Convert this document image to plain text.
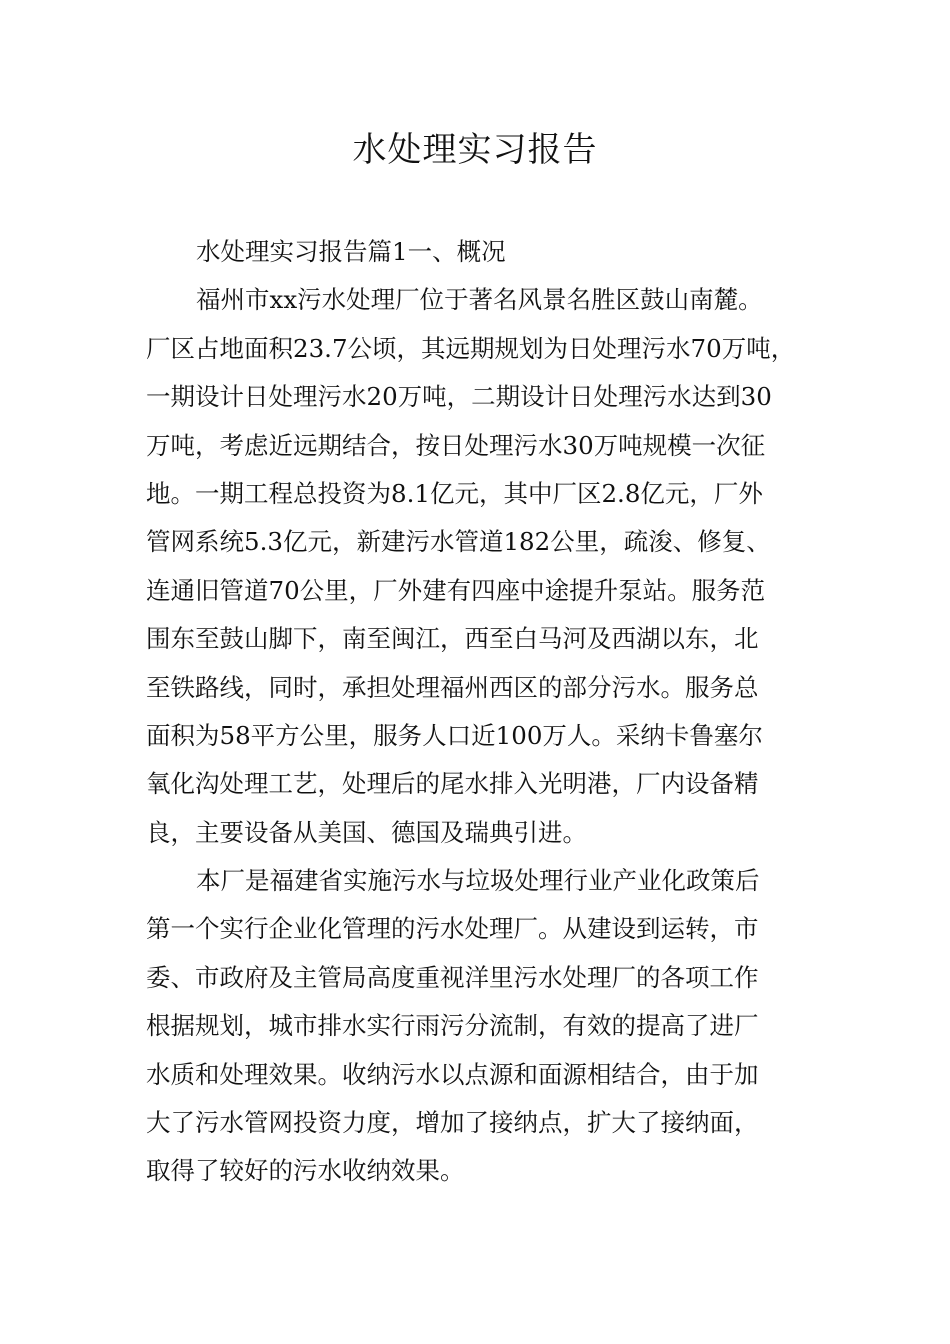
水处理实习报告
水处理实习报告篇1一、概况
福州市xx污水处理厂位于著名风景名胜区鼓山南麓。
厂区占地面积23.7公顷，其远期规划为日处理污水70万吨，
一期设计日处理污水20万吨，二期设计日处理污水达到30
万吨，考虑近远期结合，按日处理污水30万吨规模一次征
地。一期工程总投资为8.1亿元，其中厂区2.8亿元，厂外
管网系统5.3亿元，新建污水管道182公里，疏浚、修复、
连通旧管道70公里，厂外建有四座中途提升泵站。服务范
围东至鼓山脚下，南至闽江，西至白马河及西湖以东，北
至铁路线，同时，承担处理福州西区的部分污水。服务总
面积为58平方公里，服务人口近100万人。采纳卡鲁塞尔
氧化沟处理工艺，处理后的尾水排入光明港，厂内设备精
良，主要设备从美国、德国及瑞典引进。
本厂是福建省实施污水与垃圾处理行业产业化政策后
第一个实行企业化管理的污水处理厂。从建设到运转，市
委、市政府及主管局高度重视洋里污水处理厂的各项工作
根据规划，城市排水实行雨污分流制，有效的提高了进厂
水质和处理效果。收纳污水以点源和面源相结合，由于加
大了污水管网投资力度，增加了接纳点，扩大了接纳面，
取得了较好的污水收纳效果。
